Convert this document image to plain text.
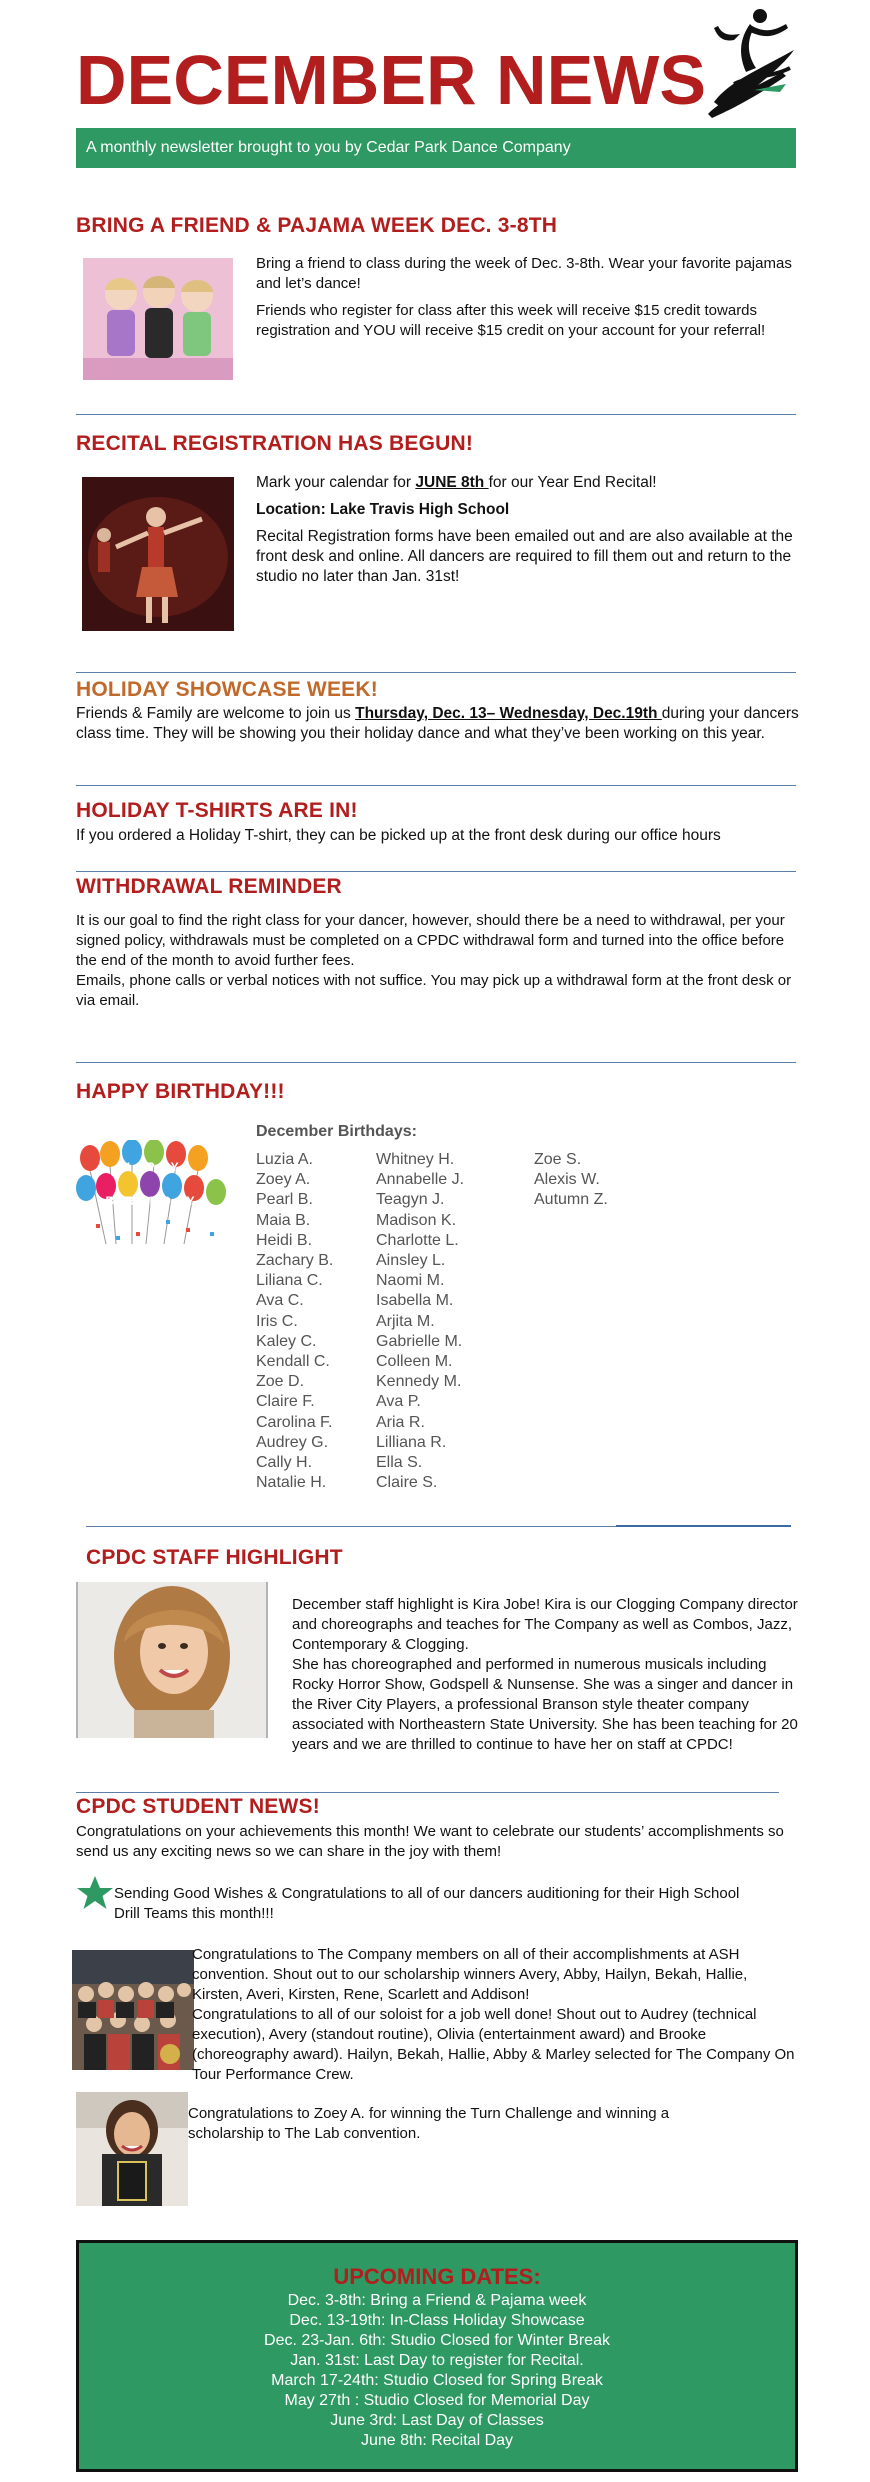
DECEMBER NEWS
A monthly newsletter brought to you by Cedar Park Dance Company
BRING A FRIEND & PAJAMA WEEK DEC. 3-8TH

Bring a friend to class during the week of Dec. 3-8th. Wear your favorite pajamas and let’s dance!

Friends who register for class after this week will receive $15 credit towards registration and YOU will receive $15 credit on your account for your referral!

RECITAL REGISTRATION HAS BEGUN!

Mark your calendar for JUNE 8th for our Year End Recital!

Location: Lake Travis High School

Recital Registration forms have been emailed out and are also available at the front desk and online. All dancers are required to fill them out and return to the studio no later than Jan. 31st!

HOLIDAY SHOWCASE WEEK!
Friends & Family are welcome to join us Thursday, Dec. 13– Wednesday, Dec.19th during your dancers class time. They will be showing you their holiday dance and what they’ve been working on this year.
HOLIDAY T-SHIRTS ARE IN!
If you ordered a Holiday T-shirt, they can be picked up at the front desk during our office hours
WITHDRAWAL REMINDER

It is our goal to find the right class for your dancer, however, should there be a need to withdrawal, per your signed policy, withdrawals must be completed on a CPDC withdrawal form and turned into the office before the end of the month to avoid further fees.

Emails, phone calls or verbal notices with not suffice. You may pick up a withdrawal form at the front desk or via email.

HAPPY BIRTHDAY!!!
HAPPY BIRTHDAY
December Birthdays:
Luzia A.
Zoey A.
Pearl B.
Maia B.
Heidi B.
Zachary B.
Liliana C.
Ava C.
Iris C.
Kaley C.
Kendall C.
Zoe D.
Claire F.
Carolina F.
Audrey G.
Cally H.
Natalie H.
Whitney H.
Annabelle J.
Teagyn J.
Madison K.
Charlotte L.
Ainsley L.
Naomi M.
Isabella M.
Arjita M.
Gabrielle M.
Colleen M.
Kennedy M.
Ava P.
Aria R.
Lilliana R.
Ella S.
Claire S.
Zoe S.
Alexis W.
Autumn Z.
CPDC STAFF HIGHLIGHT

December staff highlight is Kira Jobe! Kira is our Clogging Company director and choreographs and teaches for The Company as well as Combos, Jazz, Contemporary & Clogging.

She has choreographed and performed in numerous musicals including Rocky Horror Show, Godspell & Nunsense. She was a singer and dancer in the River City Players, a professional Branson style theater company associated with Northeastern State University. She has been teaching for 20 years and we are thrilled to continue to have her on staff at CPDC!

CPDC STUDENT NEWS!
Congratulations on your achievements this month! We want to celebrate our students’ accomplishments so send us any exciting news so we can share in the joy with them!
Sending Good Wishes & Congratulations to all of our dancers auditioning for their High School Drill Teams this month!!!

Congratulations to The Company members on all of their accomplishments at ASH convention. Shout out to our scholarship winners Avery, Abby, Hailyn, Bekah, Hallie, Kirsten, Averi, Kirsten, Rene, Scarlett and Addison!

Congratulations to all of our soloist for a job well done! Shout out to Audrey (technical execution), Avery (standout routine), Olivia (entertainment award) and Brooke (choreography award). Hailyn, Bekah, Hallie, Abby & Marley selected for The Company On Tour Performance Crew.

Congratulations to Zoey A. for winning the Turn Challenge and winning a scholarship to The Lab convention.
UPCOMING DATES:
Dec. 3-8th: Bring a Friend & Pajama week
Dec. 13-19th: In-Class Holiday Showcase
Dec. 23-Jan. 6th: Studio Closed for Winter Break
Jan. 31st: Last Day to register for Recital.
March 17-24th: Studio Closed for Spring Break
May 27th : Studio Closed for Memorial Day
June 3rd: Last Day of Classes
June 8th: Recital Day
